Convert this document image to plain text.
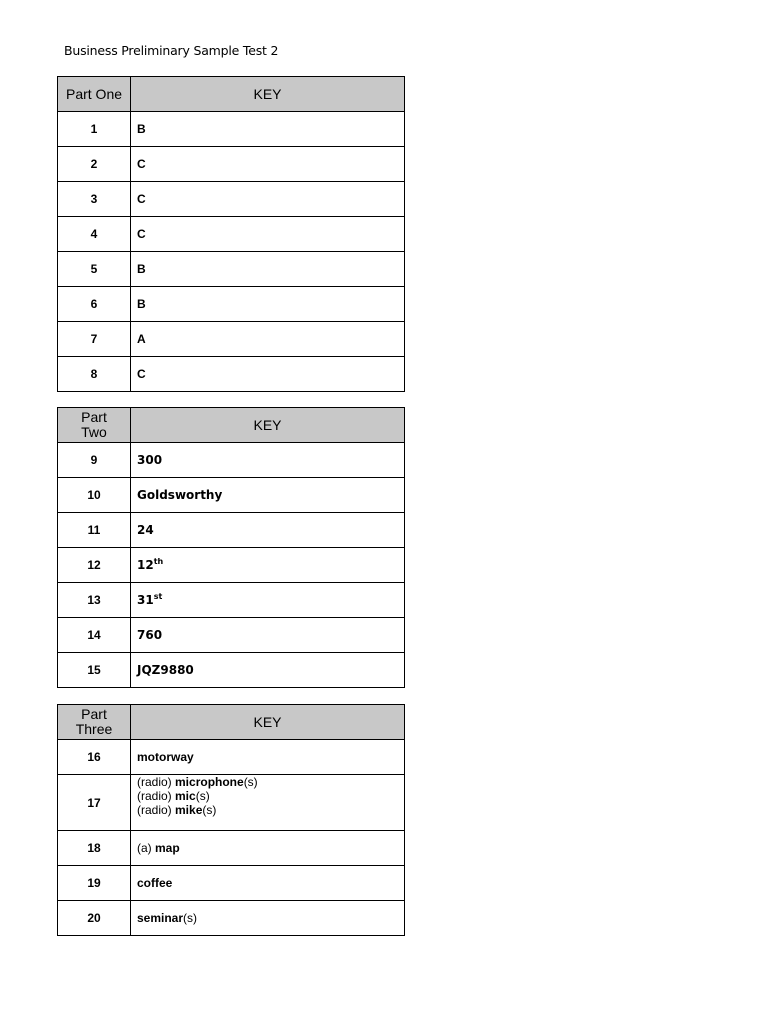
Business Preliminary Sample Test 2
Part One	KEY
1	B
2	C
3	C
4	C
5	B
6	B
7	A
8	C
Part
Two	KEY
9	300
10	Goldsworthy
11	24
12	12th
13	31st
14	760
15	JQZ9880
Part
Three	KEY
16	motorway
17	(radio) microphone(s)
(radio) mic(s)
(radio) mike(s)

18	(a) map
19	coffee
20	seminar(s)
